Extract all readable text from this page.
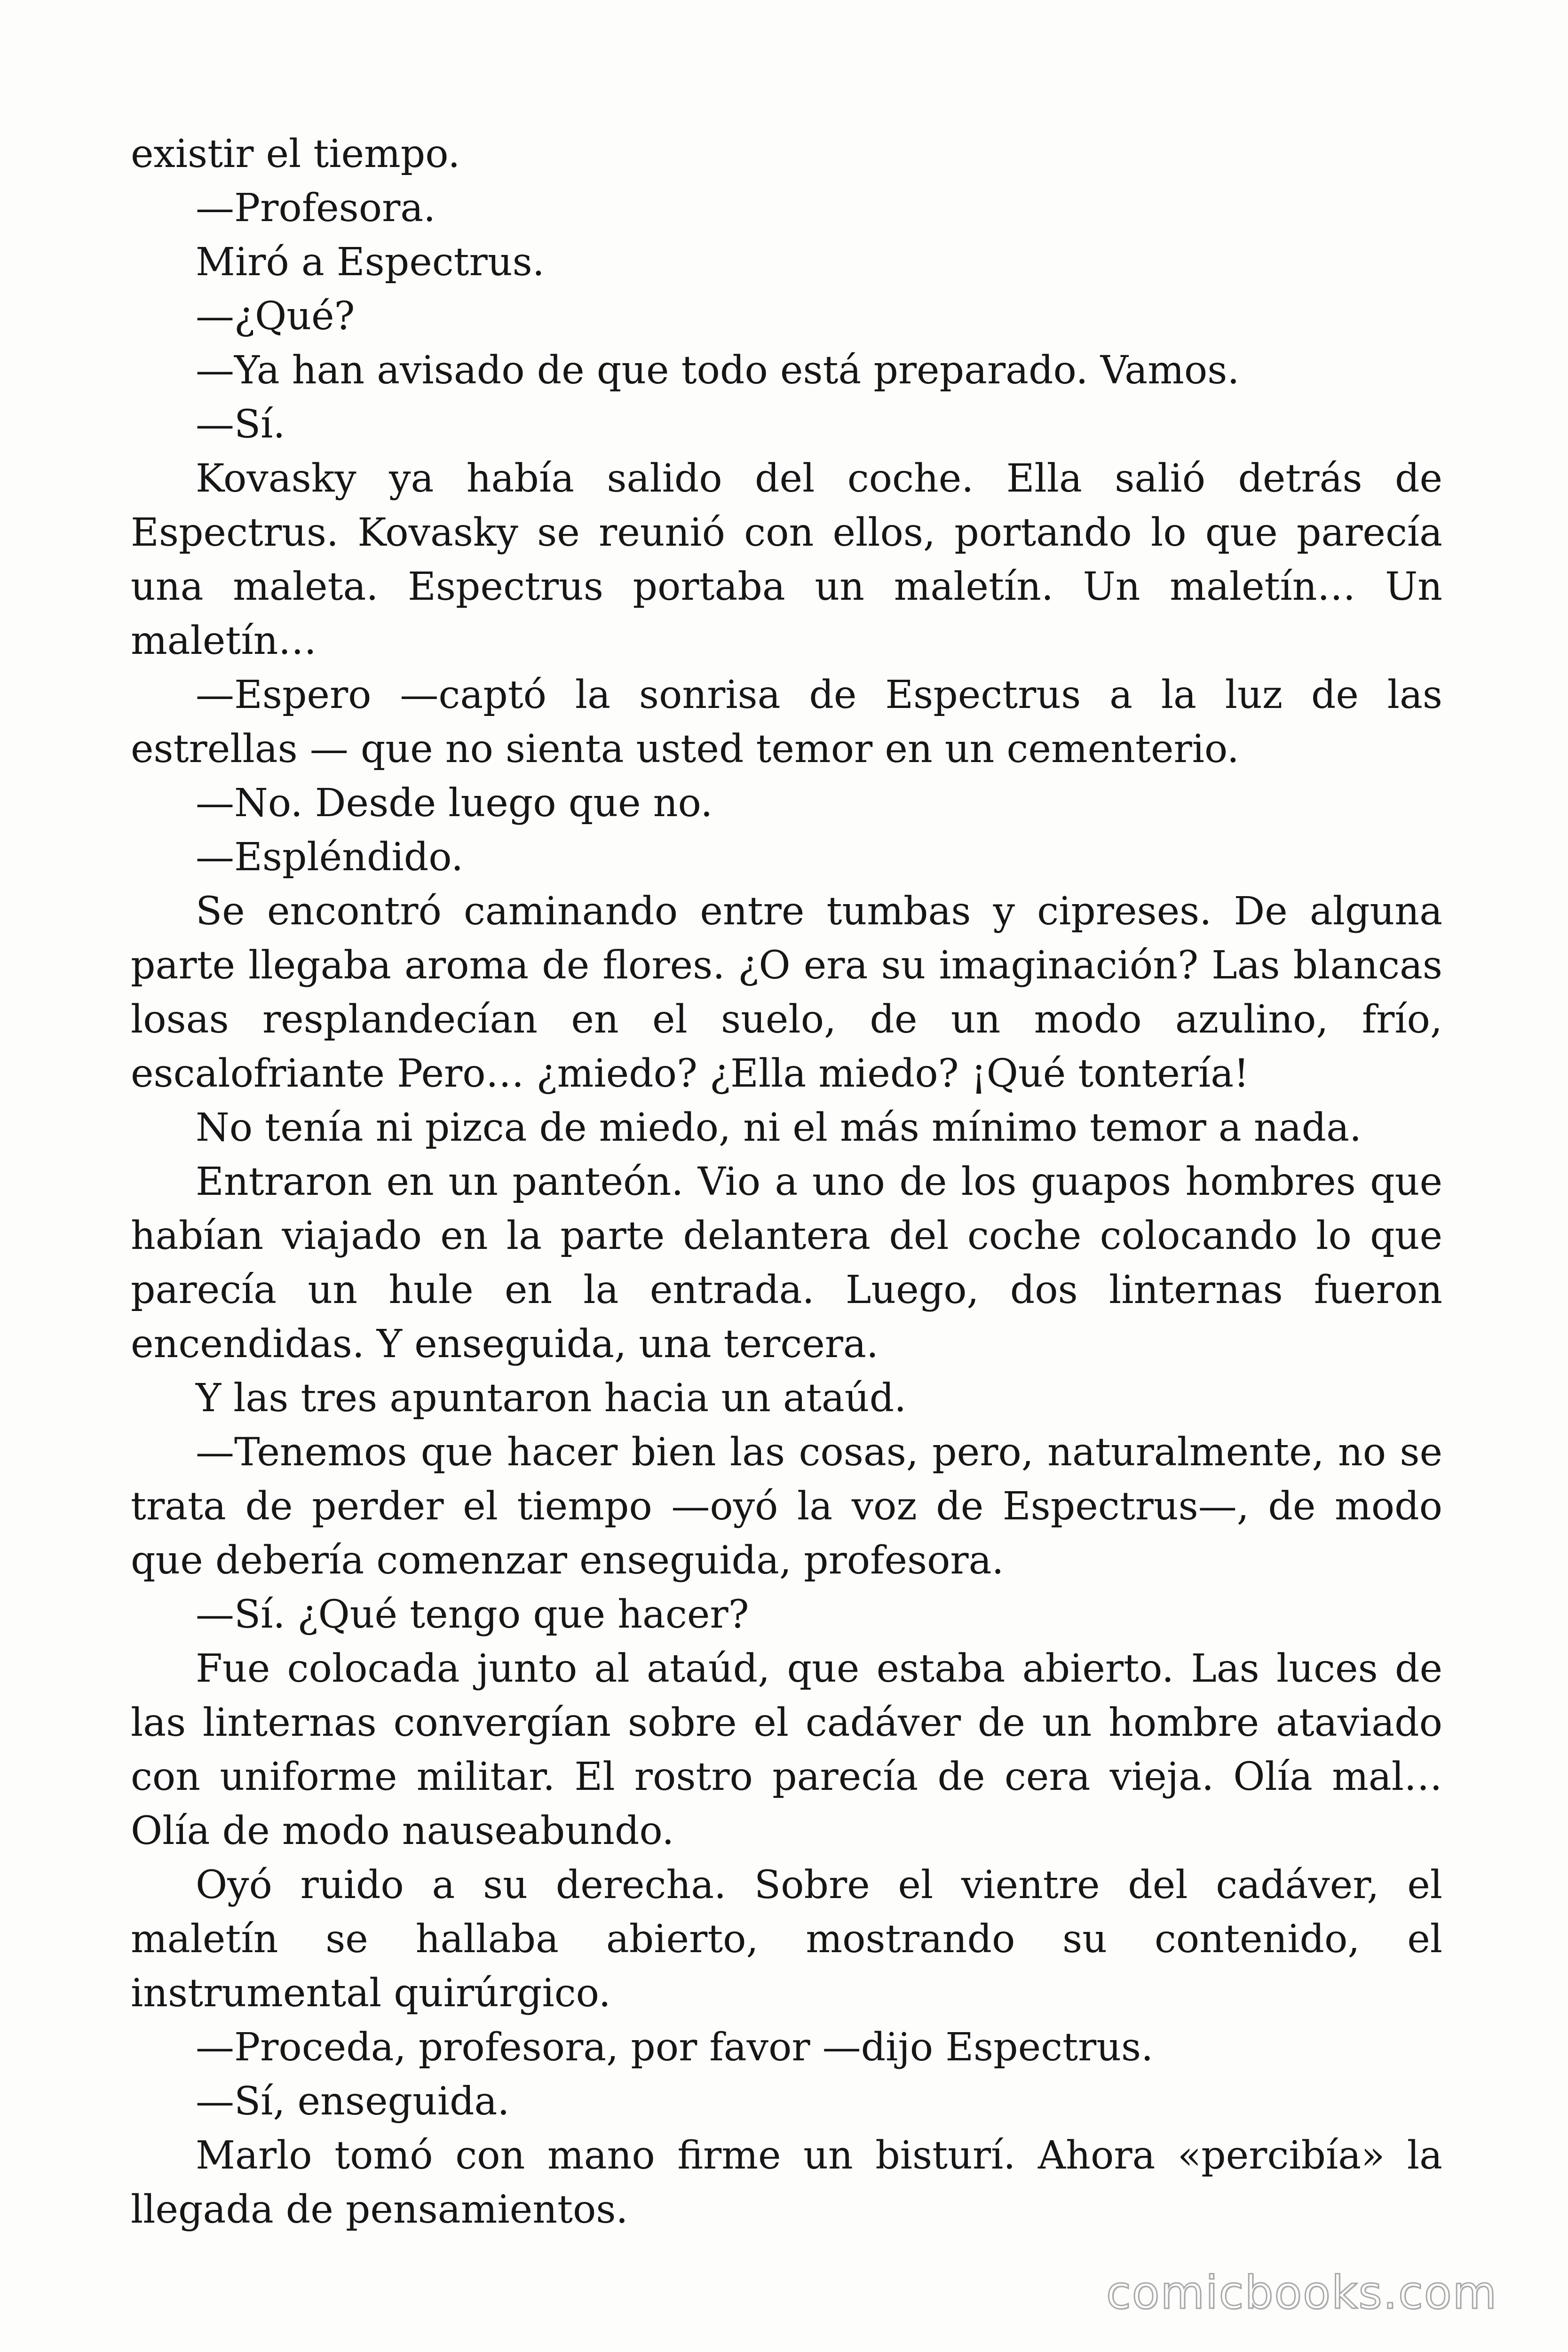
existir el tiempo.

—Profesora.

Miró a Espectrus.

—¿Qué?

—Ya han avisado de que todo está preparado. Vamos.

—Sí.

Kovasky ya había salido del coche. Ella salió detrás de Espectrus. Kovasky se reunió con ellos, portando lo que parecía una maleta. Espectrus portaba un maletín. Un maletín… Un maletín…

—Espero —captó la sonrisa de Espectrus a la luz de las estrellas — que no sienta usted temor en un cementerio.

—No. Desde luego que no.

—Espléndido.

Se encontró caminando entre tumbas y cipreses. De alguna parte llegaba aroma de flores. ¿O era su imaginación? Las blancas losas resplandecían en el suelo, de un modo azulino, frío, escalofriante Pero… ¿miedo? ¿Ella miedo? ¡Qué tontería!

No tenía ni pizca de miedo, ni el más mínimo temor a nada.

Entraron en un panteón. Vio a uno de los guapos hombres que habían viajado en la parte delantera del coche colocando lo que parecía un hule en la entrada. Luego, dos linternas fueron encendidas. Y enseguida, una tercera.

Y las tres apuntaron hacia un ataúd.

—Tenemos que hacer bien las cosas, pero, naturalmente, no se trata de perder el tiempo —oyó la voz de Espectrus—, de modo que debería comenzar enseguida, profesora.

—Sí. ¿Qué tengo que hacer?

Fue colocada junto al ataúd, que estaba abierto. Las luces de las linternas convergían sobre el cadáver de un hombre ataviado con uniforme militar. El rostro parecía de cera vieja. Olía mal… Olía de modo nauseabundo.

Oyó ruido a su derecha. Sobre el vientre del cadáver, el maletín se hallaba abierto, mostrando su contenido, el instrumental quirúrgico.

—Proceda, profesora, por favor —dijo Espectrus.

—Sí, enseguida.

Marlo tomó con mano firme un bisturí. Ahora «percibía» la llegada de pensamientos.

comicbooks.com
